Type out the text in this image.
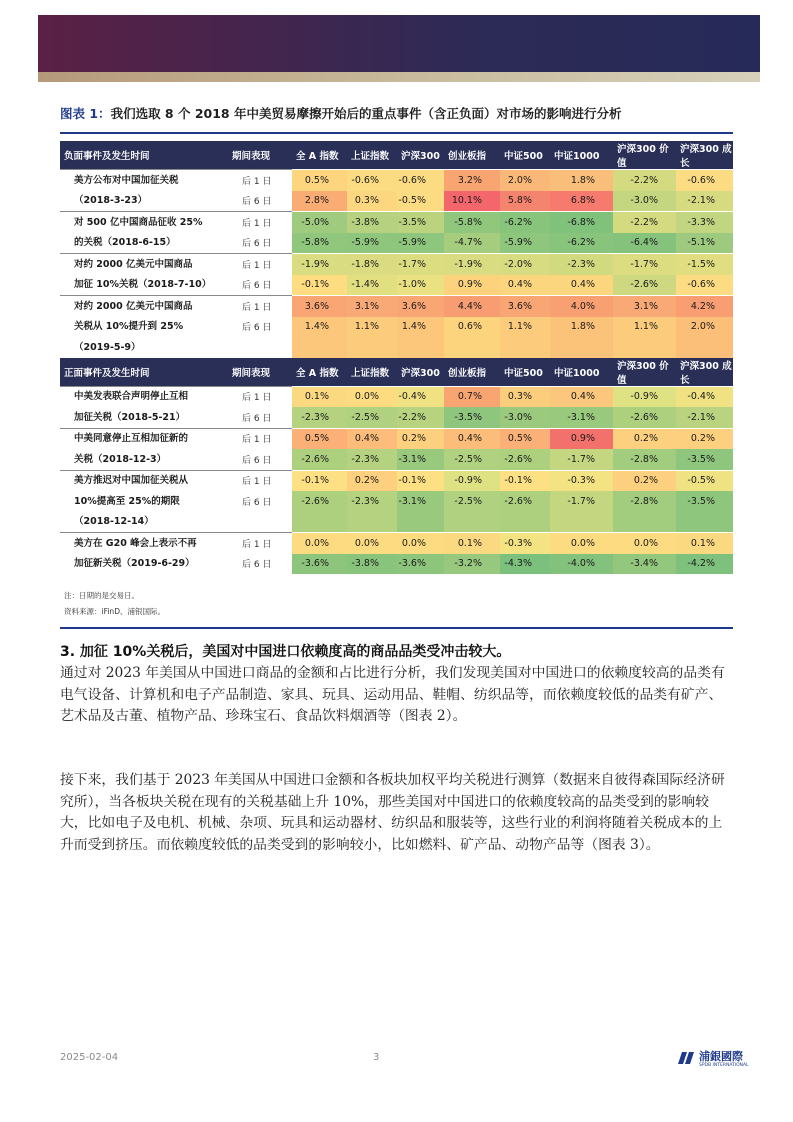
图表 1：我们选取 8 个 2018 年中美贸易摩擦开始后的重点事件（含正负面）对市场的影响进行分析
负面事件及发生时间	期间表现	全 A 指数	上证指数	沪深300	创业板指	中证500	中证1000	沪深300 价值	沪深300 成长
美方公布对中国加征关税	后 1 日	0.5%	-0.6%	-0.6%	3.2%	2.0%	1.8%	-2.2%	-0.6%
（2018-3-23）	后 6 日	2.8%	0.3%	-0.5%	10.1%	5.8%	6.8%	-3.0%	-2.1%
对 500 亿中国商品征收 25%	后 1 日	-5.0%	-3.8%	-3.5%	-5.8%	-6.2%	-6.8%	-2.2%	-3.3%
的关税（2018-6-15）	后 6 日	-5.8%	-5.9%	-5.9%	-4.7%	-5.9%	-6.2%	-6.4%	-5.1%
对约 2000 亿美元中国商品	后 1 日	-1.9%	-1.8%	-1.7%	-1.9%	-2.0%	-2.3%	-1.7%	-1.5%
加征 10%关税（2018-7-10）	后 6 日	-0.1%	-1.4%	-1.0%	0.9%	0.4%	0.4%	-2.6%	-0.6%
对约 2000 亿美元中国商品	后 1 日	3.6%	3.1%	3.6%	4.4%	3.6%	4.0%	3.1%	4.2%
关税从 10%提升到 25%	后 6 日	1.4%	1.1%	1.4%	0.6%	1.1%	1.8%	1.1%	2.0%
（2019-5-9）									
正面事件及发生时间	期间表现	全 A 指数	上证指数	沪深300	创业板指	中证500	中证1000	沪深300 价值	沪深300 成长
中美发表联合声明停止互相	后 1 日	0.1%	0.0%	-0.4%	0.7%	0.3%	0.4%	-0.9%	-0.4%
加征关税（2018-5-21）	后 6 日	-2.3%	-2.5%	-2.2%	-3.5%	-3.0%	-3.1%	-2.6%	-2.1%
中美同意停止互相加征新的	后 1 日	0.5%	0.4%	0.2%	0.4%	0.5%	0.9%	0.2%	0.2%
关税（2018-12-3）	后 6 日	-2.6%	-2.3%	-3.1%	-2.5%	-2.6%	-1.7%	-2.8%	-3.5%
美方推迟对中国加征关税从	后 1 日	-0.1%	0.2%	-0.1%	-0.9%	-0.1%	-0.3%	0.2%	-0.5%
10%提高至 25%的期限	后 6 日	-2.6%	-2.3%	-3.1%	-2.5%	-2.6%	-1.7%	-2.8%	-3.5%
（2018-12-14）									
美方在 G20 峰会上表示不再	后 1 日	0.0%	0.0%	0.0%	0.1%	-0.3%	0.0%	0.0%	0.1%
加征新关税（2019-6-29）	后 6 日	-3.6%	-3.8%	-3.6%	-3.2%	-4.3%	-4.0%	-3.4%	-4.2%
注：日期的是交易日。
资料来源：iFinD、浦银国际。
3. 加征 10%关税后，美国对中国进口依赖度高的商品品类受冲击较大。
通过对 2023 年美国从中国进口商品的金额和占比进行分析，我们发现美国对中国进口的依赖度较高的品类有电气设备、计算机和电子产品制造、家具、玩具、运动用品、鞋帽、纺织品等，而依赖度较低的品类有矿产、艺术品及古董、植物产品、珍珠宝石、食品饮料烟酒等（图表 2）。
接下来，我们基于 2023 年美国从中国进口金额和各板块加权平均关税进行测算（数据来自彼得森国际经济研究所），当各板块关税在现有的关税基础上升 10%，那些美国对中国进口的依赖度较高的品类受到的影响较大，比如电子及电机、机械、杂项、玩具和运动器材、纺织品和服装等，这些行业的利润将随着关税成本的上升而受到挤压。而依赖度较低的品类受到的影响较小，比如燃料、矿产品、动物产品等（图表 3）。
2025-02-04	3	浦銀國際
SPDB INTERNATIONAL
